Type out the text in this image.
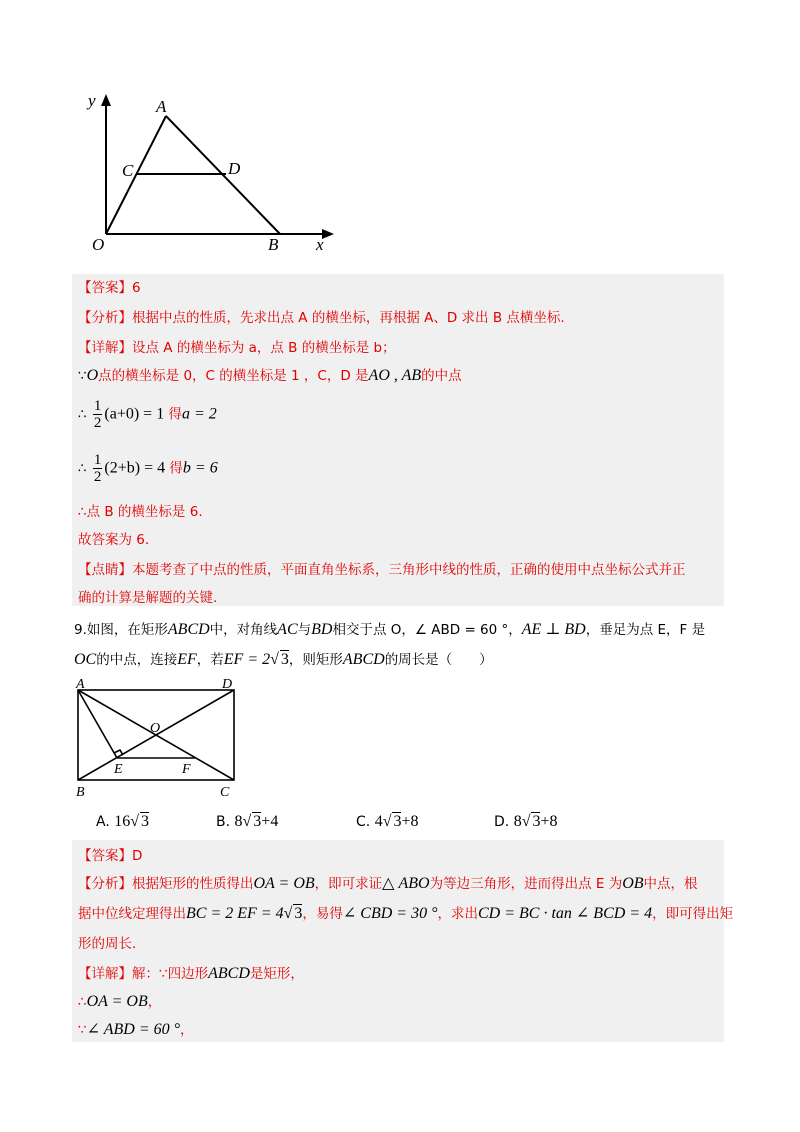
y	A
C	D
O	B x
【答案】6
【分析】根据中点的性质，先求出点 A 的横坐标，再根据 A、D 求出 B 点横坐标.
【详解】设点 A 的横坐标为 a，点 B 的横坐标是 b；
∵O点的横坐标是 0，C 的横坐标是 1 ，C，D 是AO , AB的中点
∴ $\frac{1}{2} (a+0) = 1$ 得a = 2
∴ $\frac{1}{2} (2+b) = 4$ 得b = 6
∴点 B 的横坐标是 6.
故答案为 6.
【点睛】本题考查了中点的性质，平面直角坐标系，三角形中线的性质，正确的使用中点坐标公式并正
确的计算是解题的关键.
9.如图，在矩形ABCD中，对角线AC与BD相交于点 O，∠ ABD = 60 °，AE ⊥ BD，垂足为点 E，F 是
OC的中点，连接EF，若EF = 2√ 3，则矩形ABCD的周长是（　　）
A	D
O
E	F
B	C
A. 16√ 3	B. 8√ 3+4	C. 4√ 3+8	D. 8√ 3+8
【答案】D
【分析】根据矩形的性质得出OA = OB，即可求证△ ABO为等边三角形，进而得出点 E 为OB中点，根
据中位线定理得出BC = 2 EF = 4√ 3，易得∠ CBD = 30 °，求出CD = BC · tan ∠ BCD = 4，即可得出矩
形的周长.
【详解】解：∵四边形ABCD是矩形，
∴OA = OB，
∵∠ ABD = 60 °，
